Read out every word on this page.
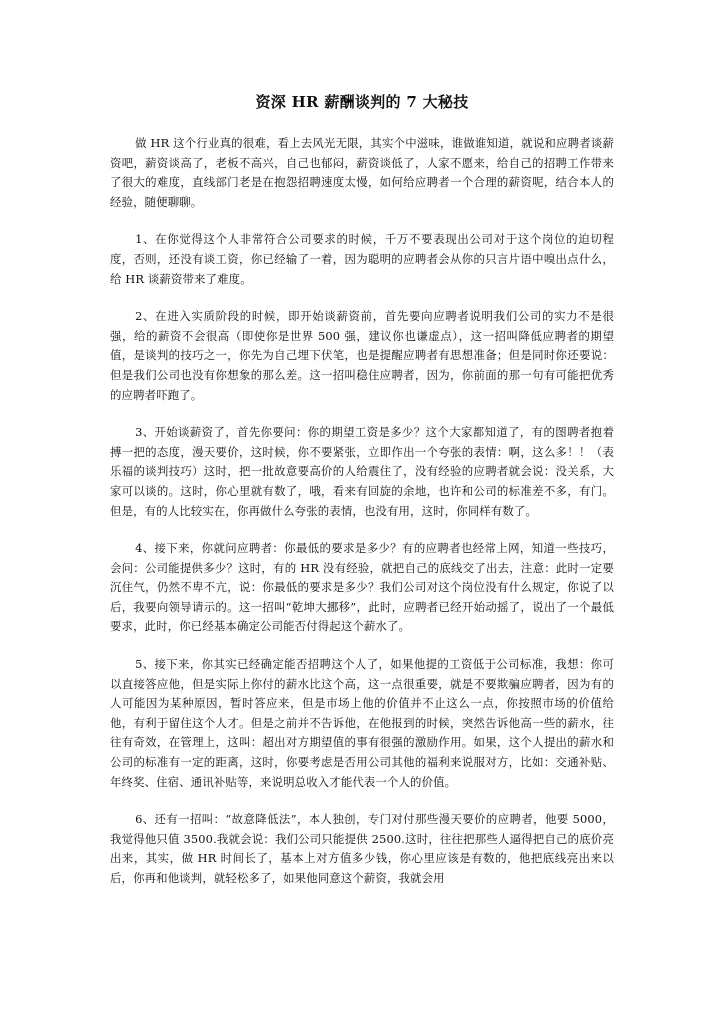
资深 HR 薪酬谈判的 7 大秘技

做 HR 这个行业真的很难，看上去风光无限，其实个中滋味，谁做谁知道，就说和应聘者谈薪资吧，薪资谈高了，老板不高兴，自己也郁闷，薪资谈低了，人家不愿来，给自己的招聘工作带来了很大的难度，直线部门老是在抱怨招聘速度太慢，如何给应聘者一个合理的薪资呢，结合本人的经验，随便聊聊。

1、在你觉得这个人非常符合公司要求的时候，千万不要表现出公司对于这个岗位的迫切程度，否则，还没有谈工资，你已经输了一着，因为聪明的应聘者会从你的只言片语中嗅出点什么，给 HR 谈薪资带来了难度。

2、在进入实质阶段的时候，即开始谈薪资前，首先要向应聘者说明我们公司的实力不是很强，给的薪资不会很高（即使你是世界 500 强，建议你也谦虚点），这一招叫降低应聘者的期望值，是谈判的技巧之一，你先为自己埋下伏笔，也是提醒应聘者有思想准备；但是同时你还要说：但是我们公司也没有你想象的那么差。这一招叫稳住应聘者，因为，你前面的那一句有可能把优秀的应聘者吓跑了。

3、开始谈薪资了，首先你要问：你的期望工资是多少？这个大家都知道了，有的图聘者抱着搏一把的态度，漫天要价，这时候，你不要紧张，立即作出一个夸张的表情：啊，这么多！！（表乐福的谈判技巧）这时，把一批故意要高价的人给震住了，没有经验的应聘者就会说：没关系，大家可以谈的。这时，你心里就有数了，哦，看来有回旋的余地，也许和公司的标准差不多，有门。但是，有的人比较实在，你再做什么夸张的表情，也没有用，这时，你同样有数了。

4、接下来，你就问应聘者：你最低的要求是多少？有的应聘者也经常上网，知道一些技巧，会问：公司能提供多少？这时，有的 HR 没有经验，就把自己的底线交了出去，注意：此时一定要沉住气，仍然不卑不亢，说：你最低的要求是多少？我们公司对这个岗位没有什么规定，你说了以后，我要向领导请示的。这一招叫“乾坤大挪移”，此时，应聘者已经开始动摇了，说出了一个最低要求，此时，你已经基本确定公司能否付得起这个薪水了。

5、接下来，你其实已经确定能否招聘这个人了，如果他提的工资低于公司标准，我想：你可以直接答应他，但是实际上你付的薪水比这个高，这一点很重要，就是不要欺骗应聘者，因为有的人可能因为某种原因，暂时答应来，但是市场上他的价值并不止这么一点，你按照市场的价值给他，有利于留住这个人才。但是之前并不告诉他，在他报到的时候，突然告诉他高一些的薪水，往往有奇效，在管理上，这叫：超出对方期望值的事有很强的激励作用。如果，这个人提出的薪水和公司的标准有一定的距离，这时，你要考虑是否用公司其他的福利来说服对方，比如：交通补贴、年终奖、住宿、通讯补贴等，来说明总收入才能代表一个人的价值。

6、还有一招叫：“故意降低法”，本人独创，专门对付那些漫天要价的应聘者，他要 5000，我觉得他只值 3500.我就会说：我们公司只能提供 2500.这时，往往把那些人逼得把自己的底价亮出来，其实，做 HR 时间长了，基本上对方值多少钱，你心里应该是有数的，他把底线亮出来以后，你再和他谈判，就轻松多了，如果他同意这个薪资，我就会用
